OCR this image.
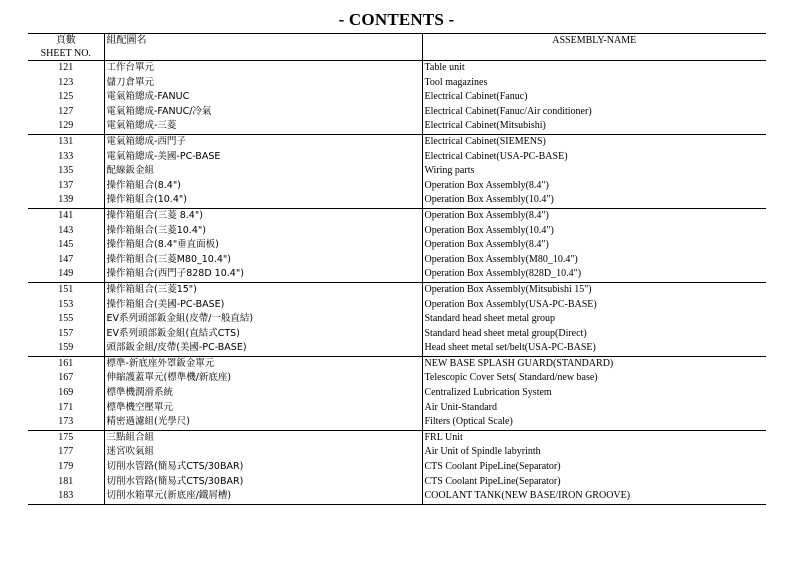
- CONTENTS -
頁數
SHEET NO.	組配圖名	ASSEMBLY-NAME
121	工作台單元	Table unit
123	儲刀倉單元	Tool magazines
125	電氣箱總成-FANUC	Electrical Cabinet(Fanuc)
127	電氣箱總成-FANUC/冷氣	Electrical Cabinet(Fanuc/Air conditioner)
129	電氣箱總成-三菱	Electrical Cabinet(Mitsubishi)
131	電氣箱總成-西門子	Electrical Cabinet(SIEMENS)
133	電氣箱總成-美國-PC-BASE	Electrical Cabinet(USA-PC-BASE)
135	配線鈑金組	Wiring parts
137	操作箱組合(8.4")	Operation Box Assembly(8.4")
139	操作箱組合(10.4")	Operation Box Assembly(10.4")
141	操作箱組合(三菱 8.4")	Operation Box Assembly(8.4")
143	操作箱組合(三菱10.4")	Operation Box Assembly(10.4")
145	操作箱組合(8.4"垂直面板)	Operation Box Assembly(8.4")
147	操作箱組合(三菱M80_10.4")	Operation Box Assembly(M80_10.4")
149	操作箱組合(西門子828D 10.4")	Operation Box Assembly(828D_10.4")
151	操作箱組合(三菱15")	Operation Box Assembly(Mitsubishi 15")
153	操作箱組合(美國-PC-BASE)	Operation Box Assembly(USA-PC-BASE)
155	EV系列頭部鈑金組(皮帶/一般直結)	Standard head sheet metal group
157	EV系列頭部鈑金組(直結式CTS)	Standard head sheet metal group(Direct)
159	頭部鈑金組/皮帶(美國-PC-BASE)	Head sheet metal set/belt(USA-PC-BASE)
161	標準-新底座外罩鈑金單元	NEW BASE SPLASH GUARD(STANDARD)
167	伸縮護蓋單元(標準機/新底座)	Telescopic Cover Sets( Standard/new base)
169	標準機潤滑系統	Centralized Lubrication System
171	標準機空壓單元	Air Unit-Standard
173	精密過濾組(光學尺)	Filters (Optical Scale)
175	三點組合組	FRL Unit
177	迷宮吹氣組	Air Unit of Spindle labyrinth
179	切削水管路(簡易式CTS/30BAR)	CTS Coolant PipeLine(Separator)
181	切削水管路(簡易式CTS/30BAR)	CTS Coolant PipeLine(Separator)
183	切削水箱單元(新底座/鐵屑槽)	COOLANT TANK(NEW BASE/IRON GROOVE)
